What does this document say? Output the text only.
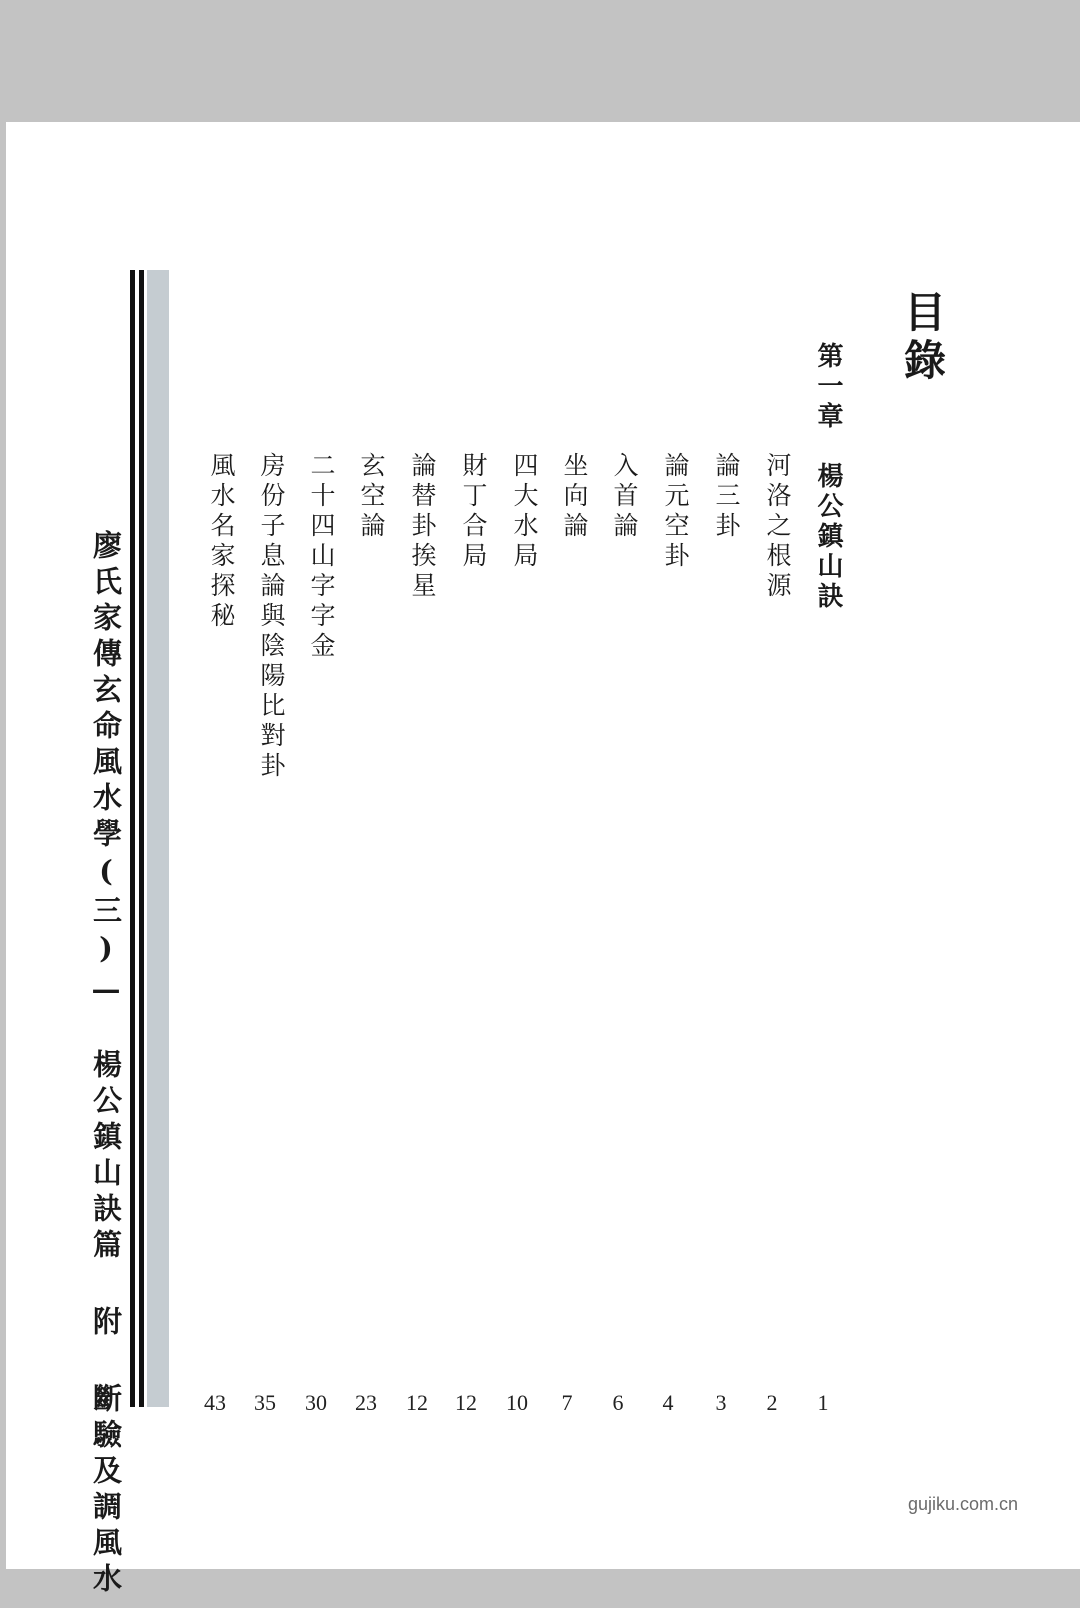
目錄
第一章　楊公鎮山訣
河洛之根源
論三卦
論元空卦
入首論
坐向論
四大水局
財丁合局
論替卦挨星
玄空論
二十四山字字金
房份子息論與陰陽比對卦
風水名家探秘
1
2
3
4
6
7
10
12
12
23
30
35
43
廖氏家傳玄命風水學(三)—　楊公鎮山訣篇 附 斷驗及調風水	gujiku.com.cn
